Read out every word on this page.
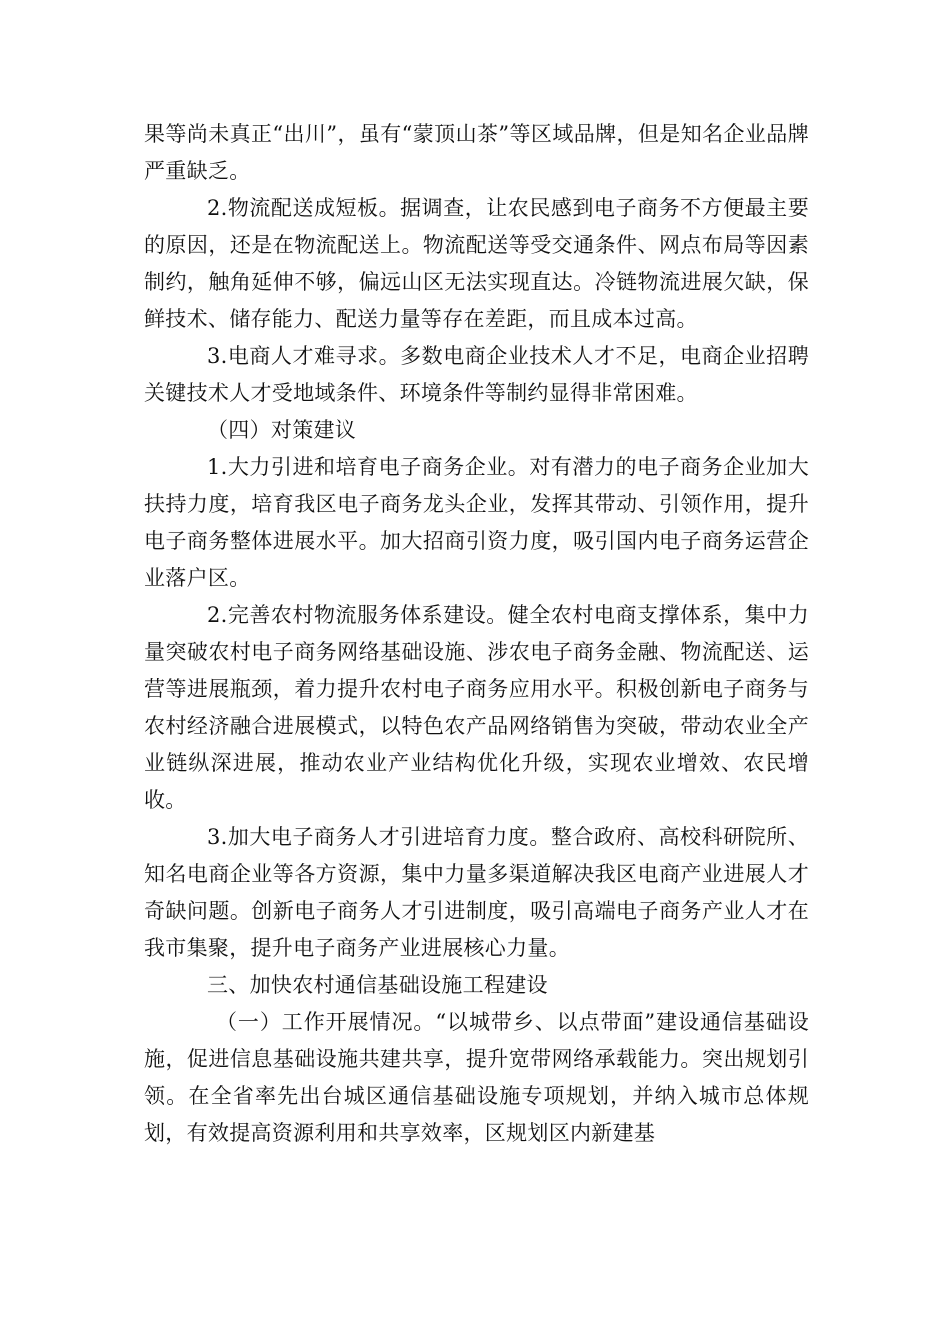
果等尚未真正“出川”，虽有“蒙顶山茶”等区域品牌，但是知名企业品牌严重缺乏。

2.物流配送成短板。据调查，让农民感到电子商务不方便最主要的原因，还是在物流配送上。物流配送等受交通条件、网点布局等因素制约，触角延伸不够，偏远山区无法实现直达。冷链物流进展欠缺，保鲜技术、储存能力、配送力量等存在差距，而且成本过高。

3.电商人才难寻求。多数电商企业技术人才不足，电商企业招聘关键技术人才受地域条件、环境条件等制约显得非常困难。

（四）对策建议

1.大力引进和培育电子商务企业。对有潜力的电子商务企业加大扶持力度，培育我区电子商务龙头企业，发挥其带动、引领作用，提升电子商务整体进展水平。加大招商引资力度，吸引国内电子商务运营企业落户区。

2.完善农村物流服务体系建设。健全农村电商支撑体系，集中力量突破农村电子商务网络基础设施、涉农电子商务金融、物流配送、运营等进展瓶颈，着力提升农村电子商务应用水平。积极创新电子商务与农村经济融合进展模式，以特色农产品网络销售为突破，带动农业全产业链纵深进展，推动农业产业结构优化升级，实现农业增效、农民增收。

3.加大电子商务人才引进培育力度。整合政府、高校科研院所、知名电商企业等各方资源，集中力量多渠道解决我区电商产业进展人才奇缺问题。创新电子商务人才引进制度，吸引高端电子商务产业人才在我市集聚，提升电子商务产业进展核心力量。

三、加快农村通信基础设施工程建设

（一）工作开展情况。“以城带乡、以点带面”建设通信基础设施，促进信息基础设施共建共享，提升宽带网络承载能力。突出规划引领。在全省率先出台城区通信基础设施专项规划，并纳入城市总体规划，有效提高资源利用和共享效率，区规划区内新建基
